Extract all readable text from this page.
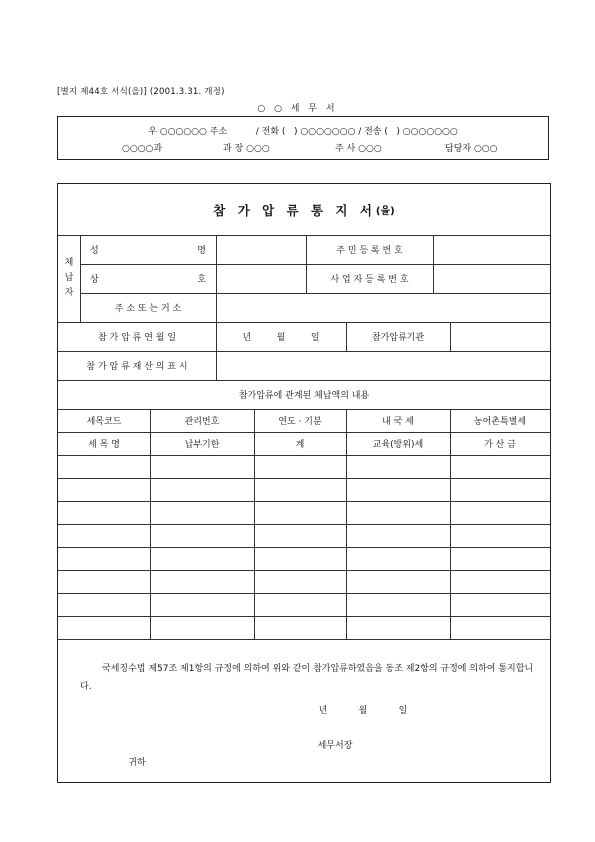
[별지 제44호 서식(을)] (2001.3.31. 개정)
○ ○ 세 무 서
우 ○○○○○○ 주소          / 전화 (   ) ○○○○○○○ / 전송 (   ) ○○○○○○○
○○○○과	과 장 ○○○	주 사 ○○○	담당자 ○○○
참 가 압 류 통 지 서 (을)
체
납
자
성	명	주 민 등 록 번 호
상	호	사 업 자 등 록 번 호
주 소 또 는 거 소
참 가 압 류 연 월 일	년	월	일	참가압류기관
참 가 압 류 재 산 의 표 시
참가압류에 관계된 체납액의 내용
세목코드	관리번호	연도 · 기분	내 국 세	농어촌특별세
세 목 명	납부기한	계	교육(방위)세	가 산 금
국세징수법 제57조 제1항의 규정에 의하여 위와 같이 참가압류하였음을 동조 제2항의 규정에 의하여 통지합니다.
년	월	일
세무서장
귀하
